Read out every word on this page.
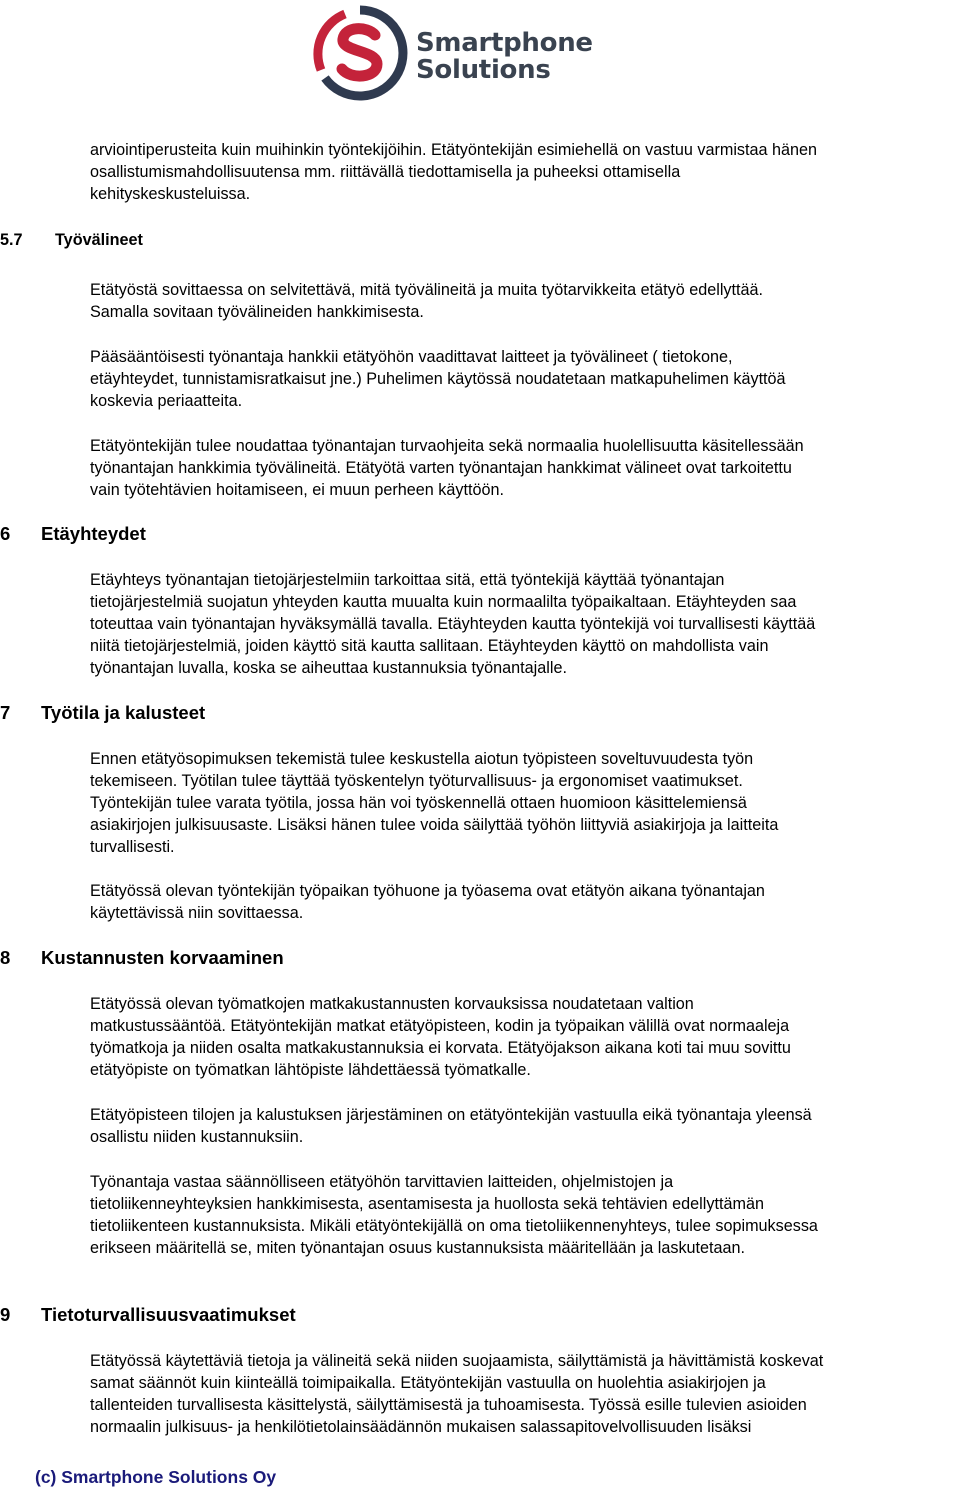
Smartphone
Solutions
arviointiperusteita kuin muihinkin työntekijöihin. Etätyöntekijän esimiehellä on vastuu varmistaa hänen
osallistumismahdollisuutensa mm. riittävällä tiedottamisella ja puheeksi ottamisella
kehityskeskusteluissa.
5.7 Työvälineet
Etätyöstä sovittaessa on selvitettävä, mitä työvälineitä ja muita työtarvikkeita etätyö edellyttää.
Samalla sovitaan työvälineiden hankkimisesta.
Pääsääntöisesti työnantaja hankkii etätyöhön vaadittavat laitteet ja työvälineet ( tietokone,
etäyhteydet, tunnistamisratkaisut jne.) Puhelimen käytössä noudatetaan matkapuhelimen käyttöä
koskevia periaatteita.
Etätyöntekijän tulee noudattaa työnantajan turvaohjeita sekä normaalia huolellisuutta käsitellessään
työnantajan hankkimia työvälineitä. Etätyötä varten työnantajan hankkimat välineet ovat tarkoitettu
vain työtehtävien hoitamiseen, ei muun perheen käyttöön.
6 Etäyhteydet
Etäyhteys työnantajan tietojärjestelmiin tarkoittaa sitä, että työntekijä käyttää työnantajan
tietojärjestelmiä suojatun yhteyden kautta muualta kuin normaalilta työpaikaltaan. Etäyhteyden saa
toteuttaa vain työnantajan hyväksymällä tavalla. Etäyhteyden kautta työntekijä voi turvallisesti käyttää
niitä tietojärjestelmiä, joiden käyttö sitä kautta sallitaan. Etäyhteyden käyttö on mahdollista vain
työnantajan luvalla, koska se aiheuttaa kustannuksia työnantajalle.
7 Työtila ja kalusteet
Ennen etätyösopimuksen tekemistä tulee keskustella aiotun työpisteen soveltuvuudesta työn
tekemiseen. Työtilan tulee täyttää työskentelyn työturvallisuus- ja ergonomiset vaatimukset.
Työntekijän tulee varata työtila, jossa hän voi työskennellä ottaen huomioon käsittelemiensä
asiakirjojen julkisuusaste. Lisäksi hänen tulee voida säilyttää työhön liittyviä asiakirjoja ja laitteita
turvallisesti.
Etätyössä olevan työntekijän työpaikan työhuone ja työasema ovat etätyön aikana työnantajan
käytettävissä niin sovittaessa.
8 Kustannusten korvaaminen
Etätyössä olevan työmatkojen matkakustannusten korvauksissa noudatetaan valtion
matkustussääntöä. Etätyöntekijän matkat etätyöpisteen, kodin ja työpaikan välillä ovat normaaleja
työmatkoja ja niiden osalta matkakustannuksia ei korvata. Etätyöjakson aikana koti tai muu sovittu
etätyöpiste on työmatkan lähtöpiste lähdettäessä työmatkalle.
Etätyöpisteen tilojen ja kalustuksen järjestäminen on etätyöntekijän vastuulla eikä työnantaja yleensä
osallistu niiden kustannuksiin.
Työnantaja vastaa säännölliseen etätyöhön tarvittavien laitteiden, ohjelmistojen ja
tietoliikenneyhteyksien hankkimisesta, asentamisesta ja huollosta sekä tehtävien edellyttämän
tietoliikenteen kustannuksista. Mikäli etätyöntekijällä on oma tietoliikennenyhteys, tulee sopimuksessa
erikseen määritellä se, miten työnantajan osuus kustannuksista määritellään ja laskutetaan.
9 Tietoturvallisuusvaatimukset
Etätyössä käytettäviä tietoja ja välineitä sekä niiden suojaamista, säilyttämistä ja hävittämistä koskevat
samat säännöt kuin kiinteällä toimipaikalla. Etätyöntekijän vastuulla on huolehtia asiakirjojen ja
tallenteiden turvallisesta käsittelystä, säilyttämisestä ja tuhoamisesta. Työssä esille tulevien asioiden
normaalin julkisuus- ja henkilötietolainsäädännön mukaisen salassapitovelvollisuuden lisäksi
(c) Smartphone Solutions Oy
